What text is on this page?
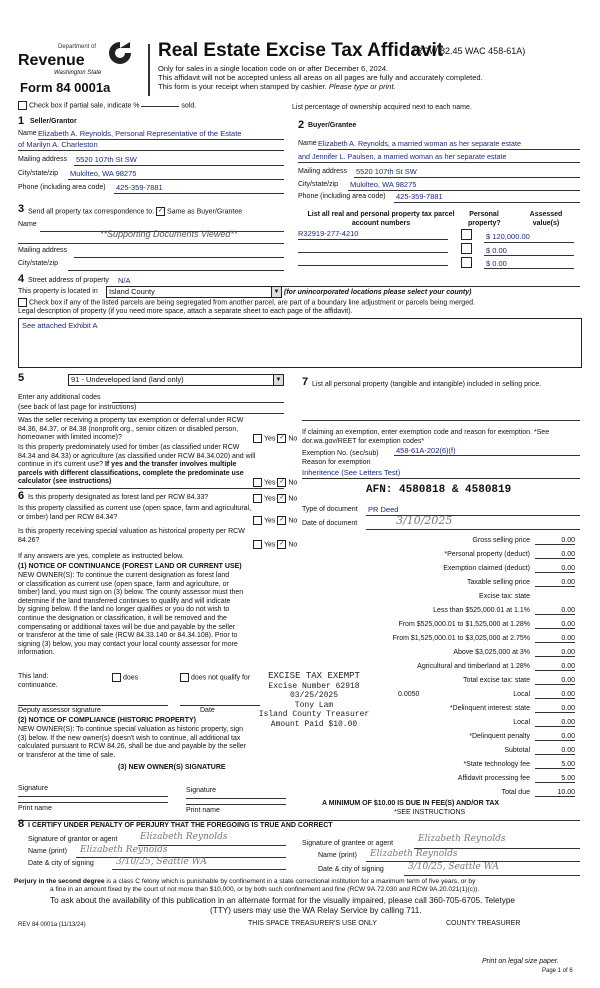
Department of
Revenue
Washington State
Form 84 0001a
Real Estate Excise Tax Affidavit
(RCW 82.45 WAC 458-61A)
Only for sales in a single location code on or after December 6, 2024.
This affidavit will not be accepted unless all areas on all pages are fully and accurately completed.
This form is your receipt when stamped by cashier. Please type or print.
Check box if partial sale, indicate %	sold.	List percentage of ownership acquired next to each name.
1 Seller/Grantor
Name Elizabeth A. Reynolds, Personal Representative of the Estate
of Marilyn A. Charleston
Mailing address 5520 107th St SW
City/state/zip Mukilteo, WA 98275
Phone (including area code) 425-359-7881
2 Buyer/Grantee
Name Elizabeth A. Reynolds, a married woman as her separate estate
and Jennifer L. Paulsen, a married woman as her separate estate
Mailing address 5520 107th St SW
City/state/zip Mukilteo, WA 98275
Phone (including area code) 425-359-7881
3 Send all property tax correspondence to: ✓ Same as Buyer/Grantee
Name
**Supporting Documents Viewed**
Mailing address
City/state/zip
List all real and personal property tax parcel account numbers
Personal property?
Assessed value(s)
R32919-277-4210	$ 120,000.00
$ 0.00
$ 0.00
4 Street address of property N/A
This property is located in	Island County	▼ (for unincorporated locations please select your county)
Check box if any of the listed parcels are being segregated from another parcel, are part of a boundary line adjustment or parcels being merged.
Legal description of property (if you need more space, attach a separate sheet to each page of the affidavit).
See attached Exhibit A
5	91 - Undeveloped land (land only)	▼
Enter any additional codes
(see back of last page for instructions)
Was the seller receiving a property tax exemption or deferral under RCW 84.36, 84.37, or 84.38 (nonprofit org., senior citizen or disabled person, homeowner with limited income)?	Yes ✓ No
Is this property predominately used for timber (as classified under RCW 84.34 and 84.33) or agriculture (as classified under RCW 84.34.020) and will continue in it's current use? If yes and the transfer involves multiple parcels with different classifications, complete the predominate use calculator (see instructions)	Yes ✓ No
6 Is this property designated as forest land per RCW 84.33?	Yes ✓ No
Is this property classified as current use (open space, farm and agricultural, or timber) land per RCW 84.34?
Yes ✓ No
Is this property receiving special valuation as historical property per RCW 84.26?
Yes ✓ No
If any answers are yes, complete as instructed below.
(1) NOTICE OF CONTINUANCE (FOREST LAND OR CURRENT USE)
NEW OWNER(S): To continue the current designation as forest land
or classification as current use (open space, farm and agriculture, or
timber) land, you must sign on (3) below. The county assessor must then
determine if the land transferred continues to qualify and will indicate
by signing below. If the land no longer qualifies or you do not wish to
continue the designation or classification, it will be removed and the
compensating or additional taxes will be due and payable by the seller
or transferor at the time of sale (RCW 84.33.140 or 84.34.108). Prior to
signing (3) below, you may contact your local county assessor for more
information.
This land:
continuance.
does	does not qualify for
Deputy assessor signature	Date
(2) NOTICE OF COMPLIANCE (HISTORIC PROPERTY)
NEW OWNER(S): To continue special valuation as historic property, sign
(3) below. If the new owner(s) doesn't wish to continue, all additional tax
calculated pursuant to RCW 84.26, shall be due and payable by the seller
or transferor at the time of sale.
(3) NEW OWNER(S) SIGNATURE
Signature	Signature
Print name	Print name
7 List all personal property (tangible and intangible) included in selling price.
If claiming an exemption, enter exemption code and reason for exemption. *See dor.wa.gov/REET for exemption codes*
Exemption No. (sec/sub) 458-61A-202(6)(f)
Reason for exemption
Inheritence (See Letters Test)
AFN: 4580818 & 4580819
Type of document PR Deed
Date of document	3/10/2025
Gross selling price	0.00
*Personal property (deduct)	0.00
Exemption claimed (deduct)	0.00
Taxable selling price	0.00
Excise tax: state
Less than $525,000.01 at 1.1%	0.00
From $525,000.01 to $1,525,000 at 1.28%	0.00
From $1,525,000.01 to $3,025,000 at 2.75%	0.00
Above $3,025,000 at 3%	0.00
Agricultural and timberland at 1.28%	0.00
Total excise tax: state	0.00
0.0050	Local	0.00
*Delinquent interest: state	0.00
Local	0.00
*Delinquent penalty	0.00
Subtotal	0.00
*State technology fee	5.00
Affidavit processing fee	5.00
Total due	10.00
A MINIMUM OF $10.00 IS DUE IN FEE(S) AND/OR TAX
*SEE INSTRUCTIONS
EXCISE TAX EXEMPT
Excise Number 62918
03/25/2025
Tony Lam
Island County Treasurer
Amount Paid $10.00
8 I CERTIFY UNDER PENALTY OF PERJURY THAT THE FOREGOING IS TRUE AND CORRECT
Signature of grantor or agent Elizabeth Reynolds
Name (print) Elizabeth Reynolds
Date & city of signing 3/10/25, Seattle WA
Signature of grantee or agent	Elizabeth Reynolds
Name (print) Elizabeth Reynolds
Date & city of signing	3/10/25, Seattle WA
Perjury in the second degree is a class C felony which is punishable by confinement in a state correctional institution for a maximum term of five years, or by
a fine in an amount fixed by the court of not more than $10,000, or by both such confinement and fine (RCW 9A.72.030 and RCW 9A.20.021(1)(c)).
To ask about the availability of this publication in an alternate format for the visually impaired, please call 360-705-6705. Teletype
(TTY) users may use the WA Relay Service by calling 711.
REV 84 0001a (11/13/24)	THIS SPACE TREASURER'S USE ONLY	COUNTY TREASURER
Print on legal size paper.
Page 1 of 6
